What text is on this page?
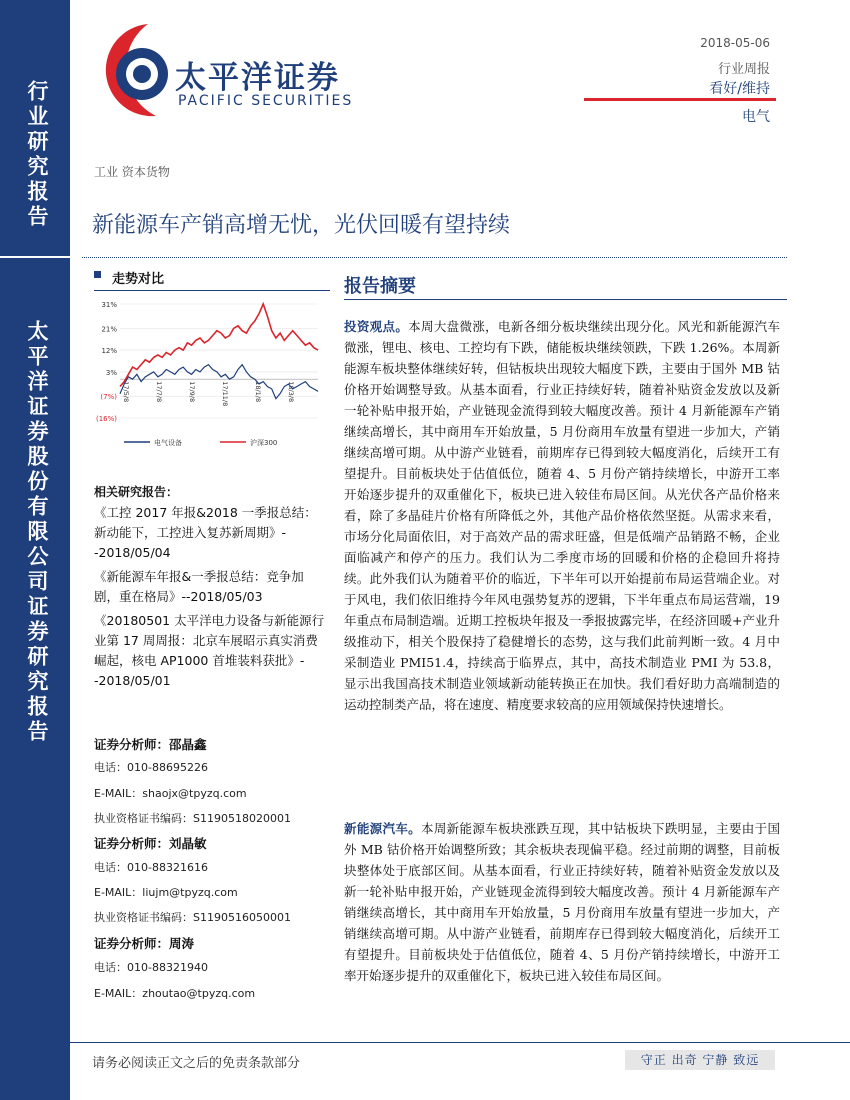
行业研究报告
太平洋证券股份有限公司证券研究报告
太平洋证券
PACIFIC SECURITIES
2018-05-06
行业周报
看好/维持
电气
工业 资本货物
新能源车产销高增无忧，光伏回暖有望持续
走势对比
31%
21%
12%
3%
(7%)
(16%)
17/5/8	17/7/8	17/9/8	17/11/8	18/1/8	18/3/8
电气设备	沪深300
相关研究报告：
《工控 2017 年报&2018 一季报总结：新动能下，工控进入复苏新周期》--2018/05/04
《新能源车年报&一季报总结：竞争加剧，重在格局》--2018/05/03
《20180501 太平洋电力设备与新能源行业第 17 周周报：北京车展昭示真实消费崛起，核电 AP1000 首堆装料获批》--2018/05/01
证券分析师：邵晶鑫
电话：010-88695226
E-MAIL：shaojx@tpyzq.com
执业资格证书编码：S1190518020001
证券分析师：刘晶敏
电话：010-88321616
E-MAIL：liujm@tpyzq.com
执业资格证书编码：S1190516050001
证券分析师：周涛
电话：010-88321940
E-MAIL：zhoutao@tpyzq.com
报告摘要
投资观点。本周大盘微涨，电新各细分板块继续出现分化。风光和新能源汽车微涨，锂电、核电、工控均有下跌，储能板块继续领跌，下跌 1.26%。本周新能源车板块整体继续好转，但钴板块出现较大幅度下跌，主要由于国外 MB 钴价格开始调整导致。从基本面看，行业正持续好转，随着补贴资金发放以及新一轮补贴申报开始，产业链现金流得到较大幅度改善。预计 4 月新能源车产销继续高增长，其中商用车开始放量，5 月份商用车放量有望进一步加大，产销继续高增可期。从中游产业链看，前期库存已得到较大幅度消化，后续开工有望提升。目前板块处于估值低位，随着 4、5 月份产销持续增长，中游开工率开始逐步提升的双重催化下，板块已进入较佳布局区间。从光伏各产品价格来看，除了多晶硅片价格有所降低之外，其他产品价格依然坚挺。从需求来看，市场分化局面依旧，对于高效产品的需求旺盛，但是低端产品销路不畅，企业面临减产和停产的压力。我们认为二季度市场的回暖和价格的企稳回升将持续。此外我们认为随着平价的临近，下半年可以开始提前布局运营端企业。对于风电，我们依旧维持今年风电强势复苏的逻辑，下半年重点布局运营端，19 年重点布局制造端。近期工控板块年报及一季报披露完毕，在经济回暖+产业升级推动下，相关个股保持了稳健增长的态势，这与我们此前判断一致。4 月中采制造业 PMI51.4，持续高于临界点，其中，高技术制造业 PMI 为 53.8，显示出我国高技术制造业领域新动能转换正在加快。我们看好助力高端制造的运动控制类产品，将在速度、精度要求较高的应用领域保持快速增长。
新能源汽车。本周新能源车板块涨跌互现，其中钴板块下跌明显，主要由于国外 MB 钴价格开始调整所致；其余板块表现偏平稳。经过前期的调整，目前板块整体处于底部区间。从基本面看，行业正持续好转，随着补贴资金发放以及新一轮补贴申报开始，产业链现金流得到较大幅度改善。预计 4 月新能源车产销继续高增长，其中商用车开始放量，5 月份商用车放量有望进一步加大，产销继续高增可期。从中游产业链看，前期库存已得到较大幅度消化，后续开工有望提升。目前板块处于估值低位，随着 4、5 月份产销持续增长，中游开工率开始逐步提升的双重催化下，板块已进入较佳布局区间。
请务必阅读正文之后的免责条款部分	守正 出奇 宁静 致远
